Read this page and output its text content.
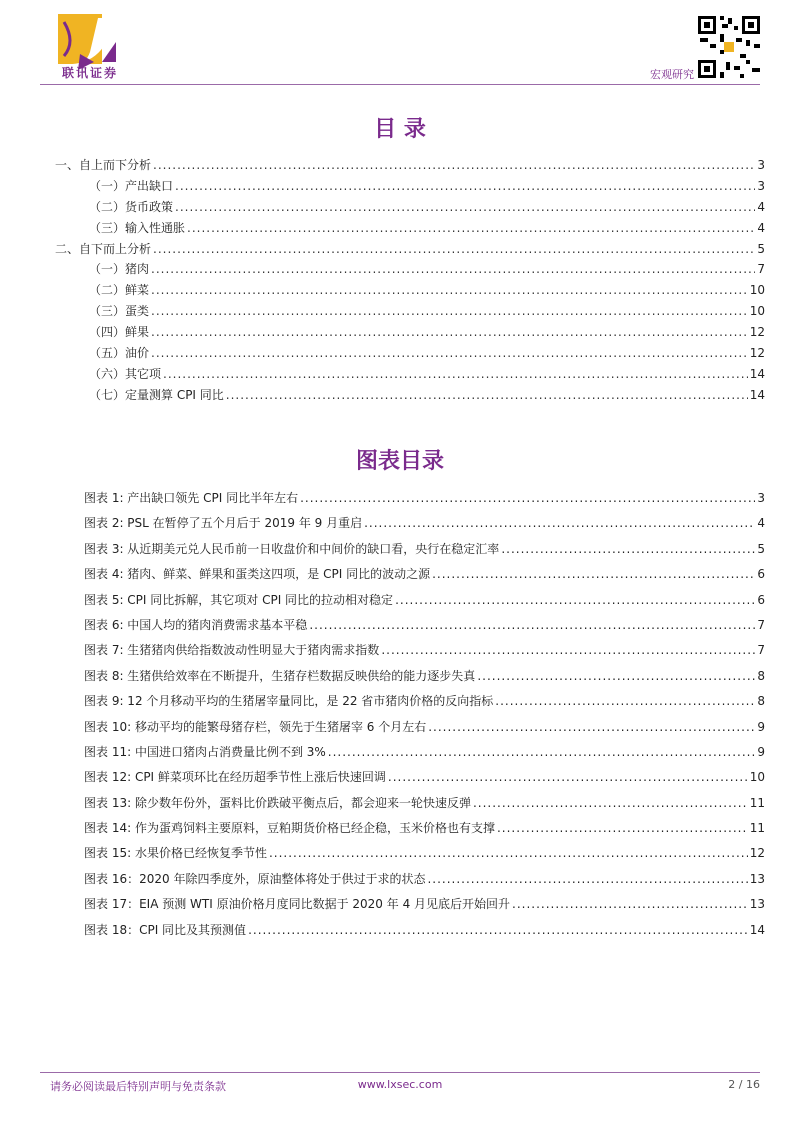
联讯证券	宏观研究
目 录
一、自上而下分析 .....	3
（一）产出缺口 .....	3
（二）货币政策 .....	4
（三）输入性通胀 .....	4
二、自下而上分析 .....	5
（一）猪肉 .....	7
（二）鲜菜 .....	10
（三）蛋类 .....	10
（四）鲜果 .....	12
（五）油价 .....	12
（六）其它项 .....	14
（七）定量测算 CPI 同比 .....	14
图表目录
图表 1: 产出缺口领先 CPI 同比半年左右 .....	3
图表 2: PSL 在暂停了五个月后于 2019 年 9 月重启 .....	4
图表 3: 从近期美元兑人民币前一日收盘价和中间价的缺口看，央行在稳定汇率 .....	5
图表 4: 猪肉、鲜菜、鲜果和蛋类这四项，是 CPI 同比的波动之源 .....	6
图表 5: CPI 同比拆解，其它项对 CPI 同比的拉动相对稳定 .....	6
图表 6: 中国人均的猪肉消费需求基本平稳 .....	7
图表 7: 生猪猪肉供给指数波动性明显大于猪肉需求指数 .....	7
图表 8: 生猪供给效率在不断提升，生猪存栏数据反映供给的能力逐步失真 .....	8
图表 9: 12 个月移动平均的生猪屠宰量同比，是 22 省市猪肉价格的反向指标 .....	8
图表 10: 移动平均的能繁母猪存栏，领先于生猪屠宰 6 个月左右 .....	9
图表 11: 中国进口猪肉占消费量比例不到 3% .....	9
图表 12: CPI 鲜菜项环比在经历超季节性上涨后快速回调 .....	10
图表 13: 除少数年份外，蛋料比价跌破平衡点后，都会迎来一轮快速反弹 .....	11
图表 14: 作为蛋鸡饲料主要原料，豆粕期货价格已经企稳，玉米价格也有支撑 .....	11
图表 15: 水果价格已经恢复季节性 .....	12
图表 16：2020 年除四季度外，原油整体将处于供过于求的状态 .....	13
图表 17：EIA 预测 WTI 原油价格月度同比数据于 2020 年 4 月见底后开始回升 .....	13
图表 18：CPI 同比及其预测值 .....	14
请务必阅读最后特别声明与免责条款	www.lxsec.com	2 / 16
